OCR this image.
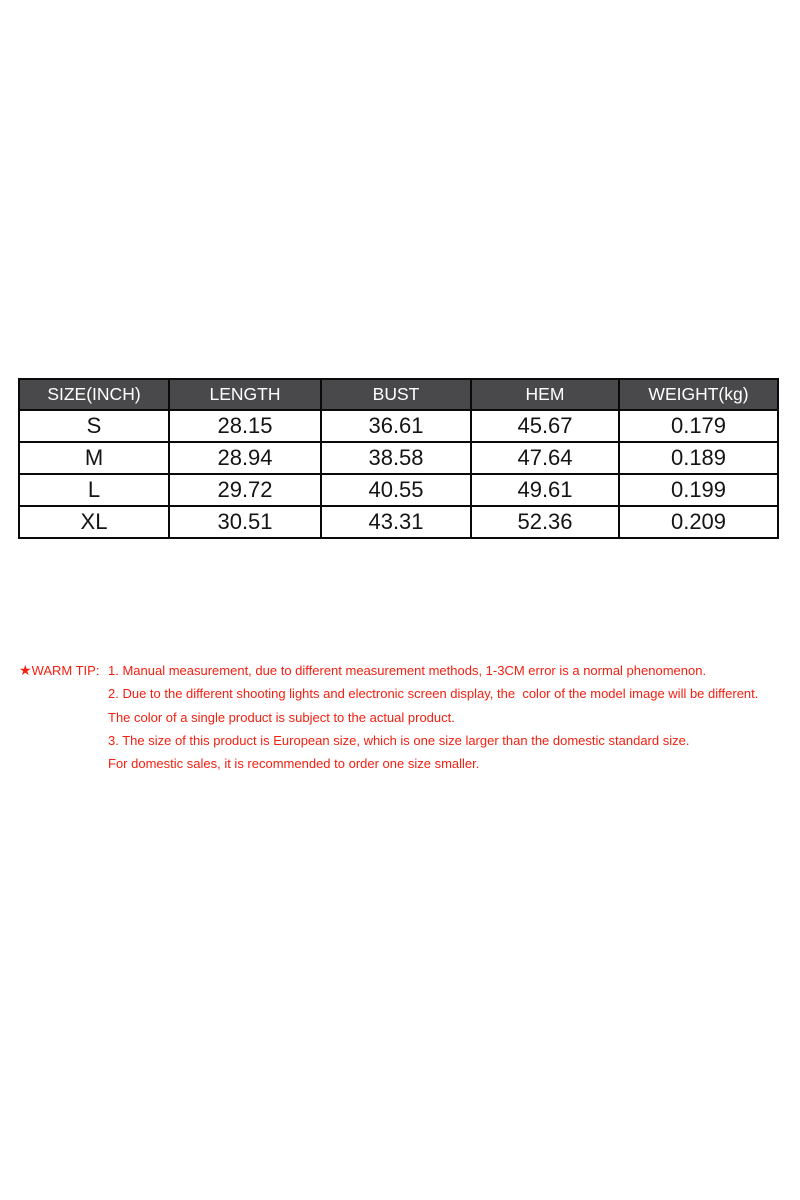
SIZE(INCH)	LENGTH	BUST	HEM	WEIGHT(kg)
S	28.15	36.61	45.67	0.179
M	28.94	38.58	47.64	0.189
L	29.72	40.55	49.61	0.199
XL	30.51	43.31	52.36	0.209
★WARM TIP: 1. Manual measurement, due to different measurement methods, 1-3CM error is a normal phenomenon.
2. Due to the different shooting lights and electronic screen display, the  color of the model image will be different.
The color of a single product is subject to the actual product.
3. The size of this product is European size, which is one size larger than the domestic standard size.
For domestic sales, it is recommended to order one size smaller.
